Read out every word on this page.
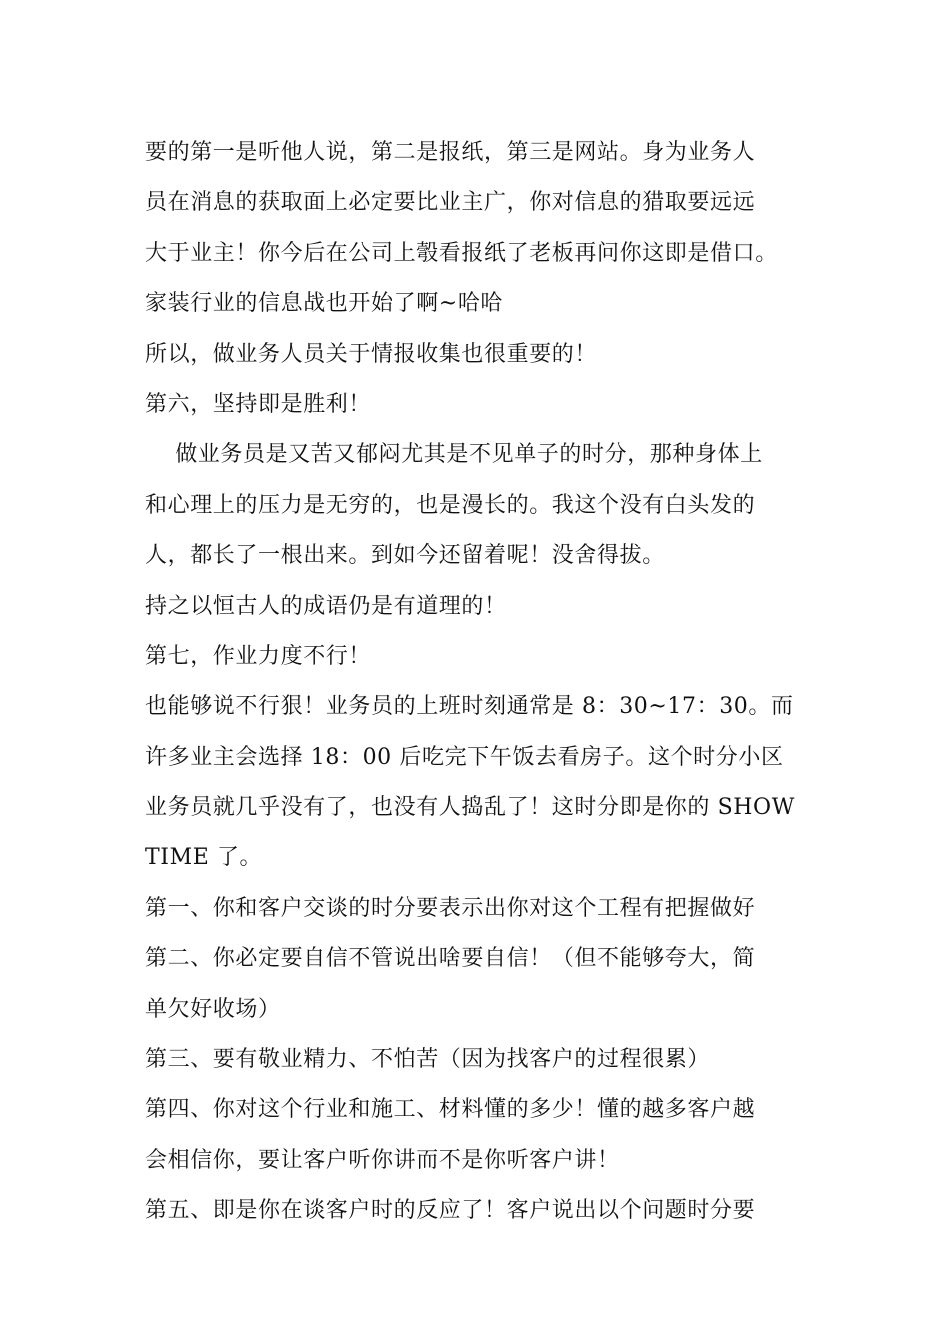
要的第一是听他人说，第二是报纸，第三是网站。身为业务人
员在消息的获取面上必定要比业主广，你对信息的猎取要远远
大于业主！你今后在公司上彀看报纸了老板再问你这即是借口。
家装行业的信息战也开始了啊~哈哈
所以，做业务人员关于情报收集也很重要的！
第六，坚持即是胜利！
　 做业务员是又苦又郁闷尤其是不见单子的时分，那种身体上
和心理上的压力是无穷的，也是漫长的。我这个没有白头发的
人，都长了一根出来。到如今还留着呢！没舍得拔。
持之以恒古人的成语仍是有道理的！
第七，作业力度不行！
也能够说不行狠！业务员的上班时刻通常是 8：30~17：30。而
许多业主会选择 18：00 后吃完下午饭去看房子。这个时分小区
业务员就几乎没有了，也没有人捣乱了！这时分即是你的 SHOW
TIME 了。
第一、你和客户交谈的时分要表示出你对这个工程有把握做好
第二、你必定要自信不管说出啥要自信！（但不能够夸大，简
单欠好收场）
第三、要有敬业精力、不怕苦（因为找客户的过程很累）
第四、你对这个行业和施工、材料懂的多少！懂的越多客户越
会相信你，要让客户听你讲而不是你听客户讲！
第五、即是你在谈客户时的反应了！客户说出以个问题时分要
